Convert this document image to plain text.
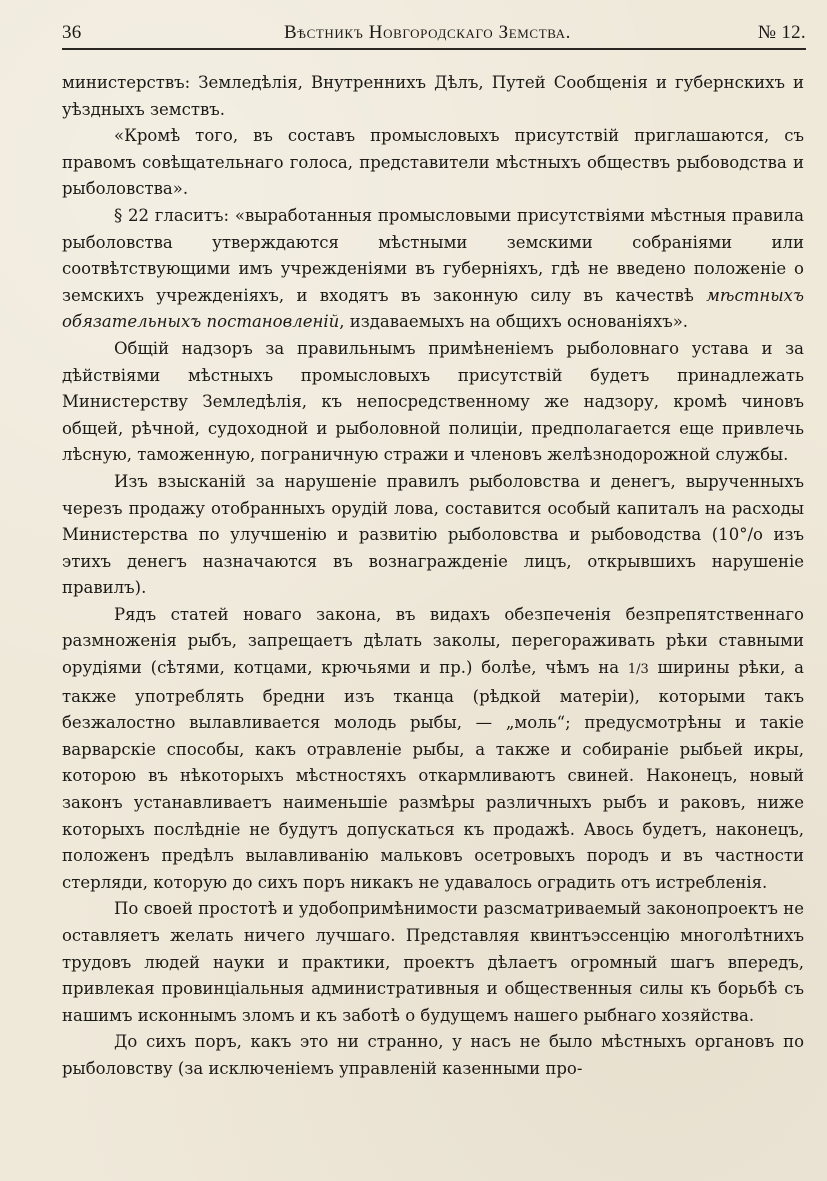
36	Вѣстникъ Новгородскаго Земства.	№ 12.

министерствъ: Земледѣлія, Внутреннихъ Дѣлъ, Путей Сообщенія и губернскихъ и уѣздныхъ земствъ.

«Кромѣ того, въ составъ промысловыхъ присутствій приглашаются, съ правомъ совѣщательнаго голоса, представители мѣстныхъ обществъ рыбоводства и рыболовства».

§ 22 гласитъ: «выработанныя промысловыми присутствіями мѣстныя правила рыболовства утверждаются мѣстными земскими собраніями или соотвѣтствующими имъ учрежденіями въ губерніяхъ, гдѣ не введено положеніе о земскихъ учрежденіяхъ, и входятъ въ законную силу въ качествѣ мѣстныхъ обязательныхъ постановленій, издаваемыхъ на общихъ основаніяхъ».

Общій надзоръ за правильнымъ примѣненіемъ рыболовнаго устава и за дѣйствіями мѣстныхъ промысловыхъ присутствій будетъ принадлежать Министерству Земледѣлія, къ непосредственному же надзору, кромѣ чиновъ общей, рѣчной, судоходной и рыболовной полиціи, предполагается еще привлечь лѣсную, таможенную, пограничную стражи и членовъ желѣзнодорожной службы.

Изъ взысканій за нарушеніе правилъ рыболовства и денегъ, вырученныхъ черезъ продажу отобранныхъ орудій лова, составится особый капиталъ на расходы Министерства по улучшенію и развитію рыболовства и рыбоводства (10°/о изъ этихъ денегъ назначаются въ вознагражденіе лицъ, открывшихъ нарушеніе правилъ).

Рядъ статей новаго закона, въ видахъ обезпеченія безпрепятственнаго размноженія рыбъ, запрещаетъ дѣлать заколы, перегораживать рѣки ставными орудіями (сѣтями, котцами, крючьями и пр.) болѣе, чѣмъ на 1/3 ширины рѣки, а также употреблять бредни изъ тканца (рѣдкой матеріи), которыми такъ безжалостно вылавливается молодь рыбы, — „моль“; предусмотрѣны и такіе варварскіе способы, какъ отравленіе рыбы, а также и собираніе рыбьей икры, которою въ нѣкоторыхъ мѣстностяхъ откармливаютъ свиней. Наконецъ, новый законъ устанавливаетъ наименьшіе размѣры различныхъ рыбъ и раковъ, ниже которыхъ послѣдніе не будутъ допускаться къ продажѣ. Авось будетъ, наконецъ, положенъ предѣлъ вылавливанію мальковъ осетровыхъ породъ и въ частности стерляди, которую до сихъ поръ никакъ не удавалось оградить отъ истребленія.

По своей простотѣ и удобопримѣнимости разсматриваемый законопроектъ не оставляетъ желать ничего лучшаго. Представляя квинтъэссенцію многолѣтнихъ трудовъ людей науки и практики, проектъ дѣлаетъ огромный шагъ впередъ, привлекая провинціальныя административныя и общественныя силы къ борьбѣ съ нашимъ исконнымъ зломъ и къ заботѣ о будущемъ нашего рыбнаго хозяйства.

До сихъ поръ, какъ это ни странно, у насъ не было мѣстныхъ органовъ по рыболовству (за исключеніемъ управленій казенными про-
